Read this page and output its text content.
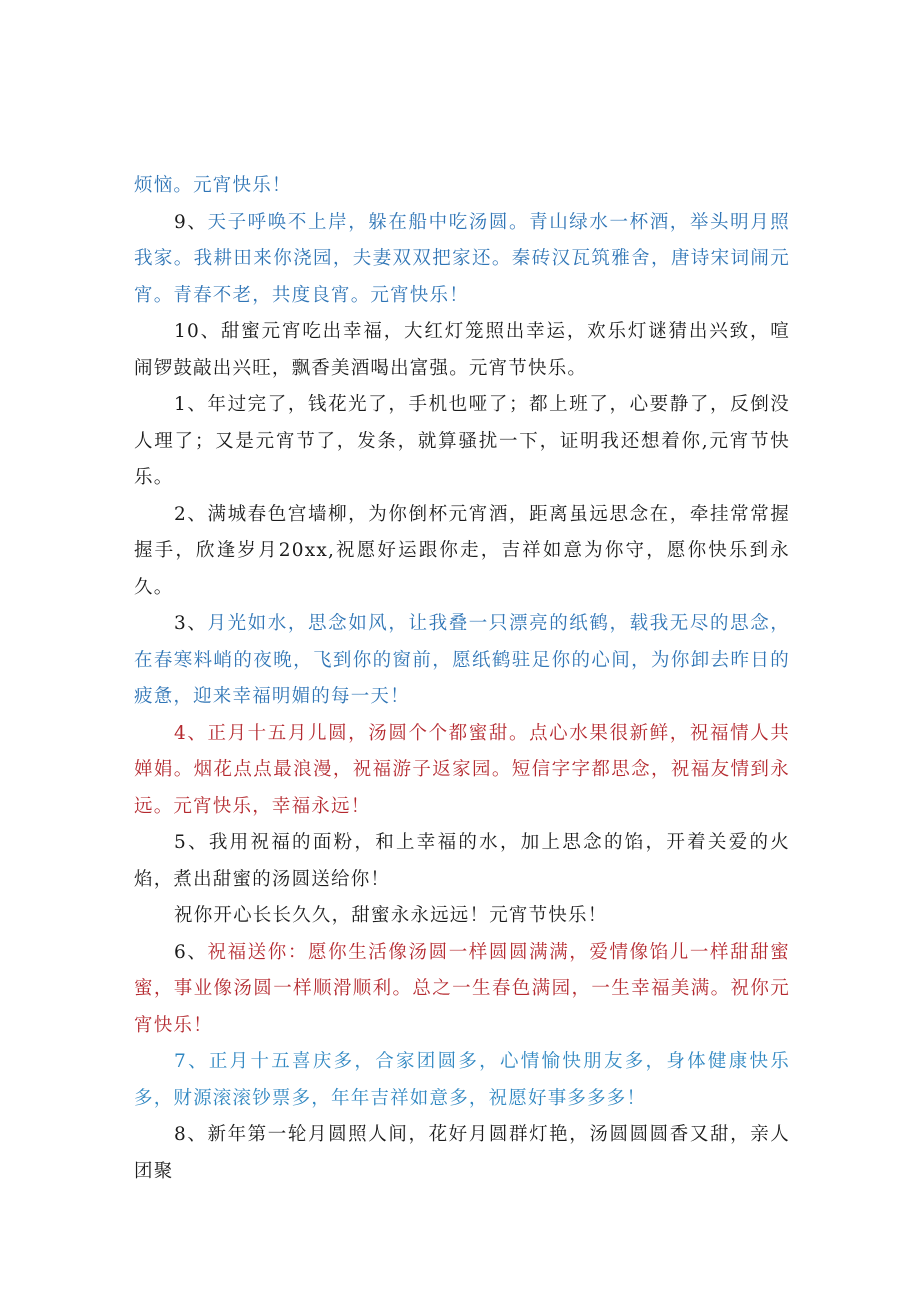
烦恼。元宵快乐！

9、天子呼唤不上岸，躲在船中吃汤圆。青山绿水一杯酒，举头明月照我家。我耕田来你浇园，夫妻双双把家还。秦砖汉瓦筑雅舍，唐诗宋词闹元宵。青春不老，共度良宵。元宵快乐！

10、甜蜜元宵吃出幸福，大红灯笼照出幸运，欢乐灯谜猜出兴致，喧闹锣鼓敲出兴旺，飘香美酒喝出富强。元宵节快乐。

1、年过完了，钱花光了，手机也哑了；都上班了，心要静了，反倒没人理了；又是元宵节了，发条，就算骚扰一下，证明我还想着你,元宵节快乐。

2、满城春色宫墙柳，为你倒杯元宵酒，距离虽远思念在，牵挂常常握握手，欣逢岁月20xx,祝愿好运跟你走，吉祥如意为你守，愿你快乐到永久。

3、月光如水，思念如风，让我叠一只漂亮的纸鹤，载我无尽的思念，在春寒料峭的夜晚，飞到你的窗前，愿纸鹤驻足你的心间，为你卸去昨日的疲惫，迎来幸福明媚的每一天！

4、正月十五月儿圆，汤圆个个都蜜甜。点心水果很新鲜，祝福情人共婵娟。烟花点点最浪漫，祝福游子返家园。短信字字都思念，祝福友情到永远。元宵快乐，幸福永远！

5、我用祝福的面粉，和上幸福的水，加上思念的馅，开着关爱的火焰，煮出甜蜜的汤圆送给你！

祝你开心长长久久，甜蜜永永远远！元宵节快乐！

6、祝福送你：愿你生活像汤圆一样圆圆满满，爱情像馅儿一样甜甜蜜蜜，事业像汤圆一样顺滑顺利。总之一生春色满园，一生幸福美满。祝你元宵快乐！

7、正月十五喜庆多，合家团圆多，心情愉快朋友多，身体健康快乐多，财源滚滚钞票多，年年吉祥如意多，祝愿好事多多多！

8、新年第一轮月圆照人间，花好月圆群灯艳，汤圆圆圆香又甜，亲人团聚
